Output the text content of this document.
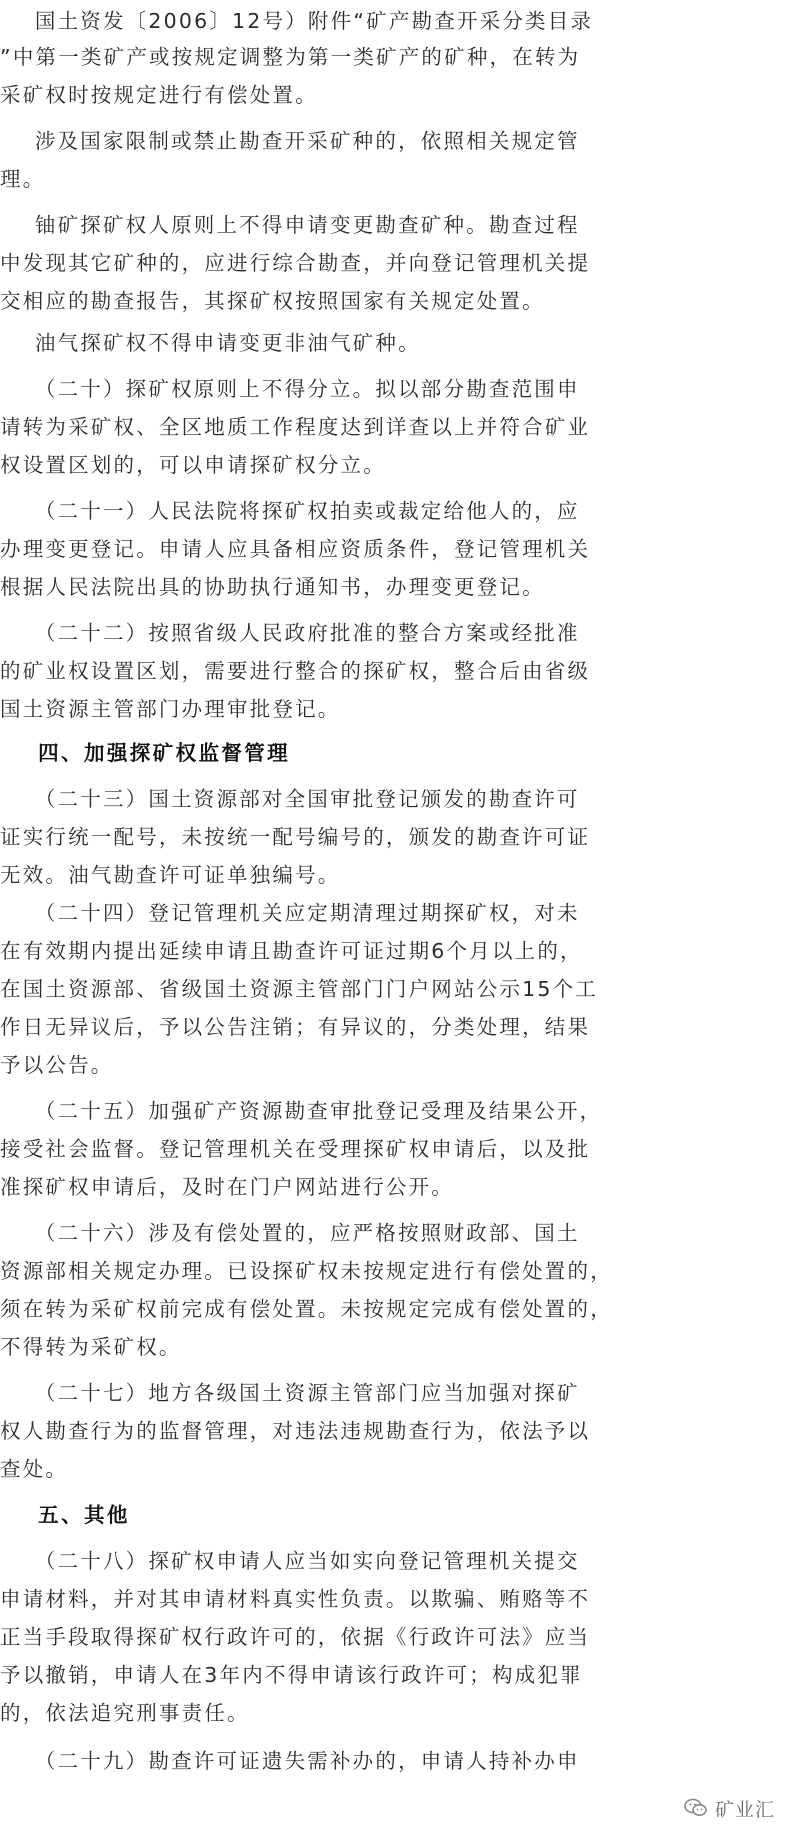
国土资发〔2006〕12号）附件“矿产勘查开采分类目录
”中第一类矿产或按规定调整为第一类矿产的矿种，在转为
采矿权时按规定进行有偿处置。
涉及国家限制或禁止勘查开采矿种的，依照相关规定管
理。
铀矿探矿权人原则上不得申请变更勘查矿种。勘查过程
中发现其它矿种的，应进行综合勘查，并向登记管理机关提
交相应的勘查报告，其探矿权按照国家有关规定处置。
油气探矿权不得申请变更非油气矿种。
（二十）探矿权原则上不得分立。拟以部分勘查范围申
请转为采矿权、全区地质工作程度达到详查以上并符合矿业
权设置区划的，可以申请探矿权分立。
（二十一）人民法院将探矿权拍卖或裁定给他人的，应
办理变更登记。申请人应具备相应资质条件，登记管理机关
根据人民法院出具的协助执行通知书，办理变更登记。
（二十二）按照省级人民政府批准的整合方案或经批准
的矿业权设置区划，需要进行整合的探矿权，整合后由省级
国土资源主管部门办理审批登记。
四、加强探矿权监督管理
（二十三）国土资源部对全国审批登记颁发的勘查许可
证实行统一配号，未按统一配号编号的，颁发的勘查许可证
无效。油气勘查许可证单独编号。
（二十四）登记管理机关应定期清理过期探矿权，对未
在有效期内提出延续申请且勘查许可证过期6个月以上的，
在国土资源部、省级国土资源主管部门门户网站公示15个工
作日无异议后，予以公告注销；有异议的，分类处理，结果
予以公告。
（二十五）加强矿产资源勘查审批登记受理及结果公开，
接受社会监督。登记管理机关在受理探矿权申请后，以及批
准探矿权申请后，及时在门户网站进行公开。
（二十六）涉及有偿处置的，应严格按照财政部、国土
资源部相关规定办理。已设探矿权未按规定进行有偿处置的，
须在转为采矿权前完成有偿处置。未按规定完成有偿处置的，
不得转为采矿权。
（二十七）地方各级国土资源主管部门应当加强对探矿
权人勘查行为的监督管理，对违法违规勘查行为，依法予以
查处。
五、其他
（二十八）探矿权申请人应当如实向登记管理机关提交
申请材料，并对其申请材料真实性负责。以欺骗、贿赂等不
正当手段取得探矿权行政许可的，依据《行政许可法》应当
予以撤销，申请人在3年内不得申请该行政许可；构成犯罪
的，依法追究刑事责任。
（二十九）勘查许可证遗失需补办的，申请人持补办申
矿业汇
